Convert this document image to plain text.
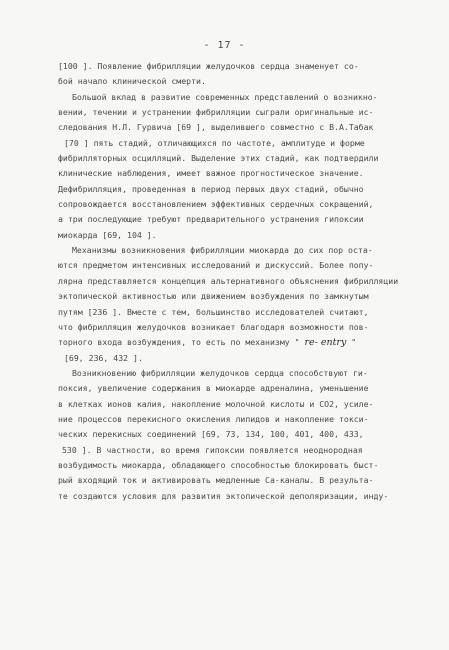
- 17 -
[100 ]. Появление фибрилляции желудочков сердца знаменует со-
бой начало клинической смерти.
Большой вклад в развитие современных представлений о возникно-
вении, течении и устранении фибрилляции сыграли оригинальные ис-
следования Н.Л. Гурвича [69 ], выделившего совместно с В.А.Табак
[70 ] пять стадий, отличающихся по частоте, амплитуде и форме
фибрилляторных осцилляций. Выделение этих стадий, как подтвердили
клинические наблюдения, имеет важное прогностическое значение.
Дефибрилляция, проведенная в период первых двух стадий, обычно
сопровождается восстановлением эффективных сердечных сокращений,
а три последующие требуют предварительного устранения гипоксии
миокарда [69, 104 ].
Механизмы возникновения фибрилляции миокарда до сих пор оста-
ются предметом интенсивных исследований и дискуссий. Более попу-
лярна представляется концепция альтернативного объяснения фибрилляции
эктопической активностью или движением возбуждения по замкнутым
путям [236 ]. Вместе с тем, большинство исследователей считают,
что фибрилляция желудочков возникает благодаря возможности пов-
торного входа возбуждения, то есть по механизму " re- entry "
[69, 236, 432 ].
Возникновению фибрилляции желудочков сердца способствуют ги-
поксия, увеличение содержания в миокарде адреналина, уменьшение
в клетках ионов калия, накопление молочной кислоты и СО2, усиле-
ние процессов перекисного окисления липидов и накопление токси-
ческих перекисных соединений [69, 73, 134, 100, 401, 400, 433,
530 ]. В частности, во время гипоксии появляется неоднородная
возбудимость миокарда, обладающего способностью блокировать быст-
рый входящий ток и активировать медленные Са-каналы. В результа-
те создаются условия для развития эктопической деполяризации, инду-
